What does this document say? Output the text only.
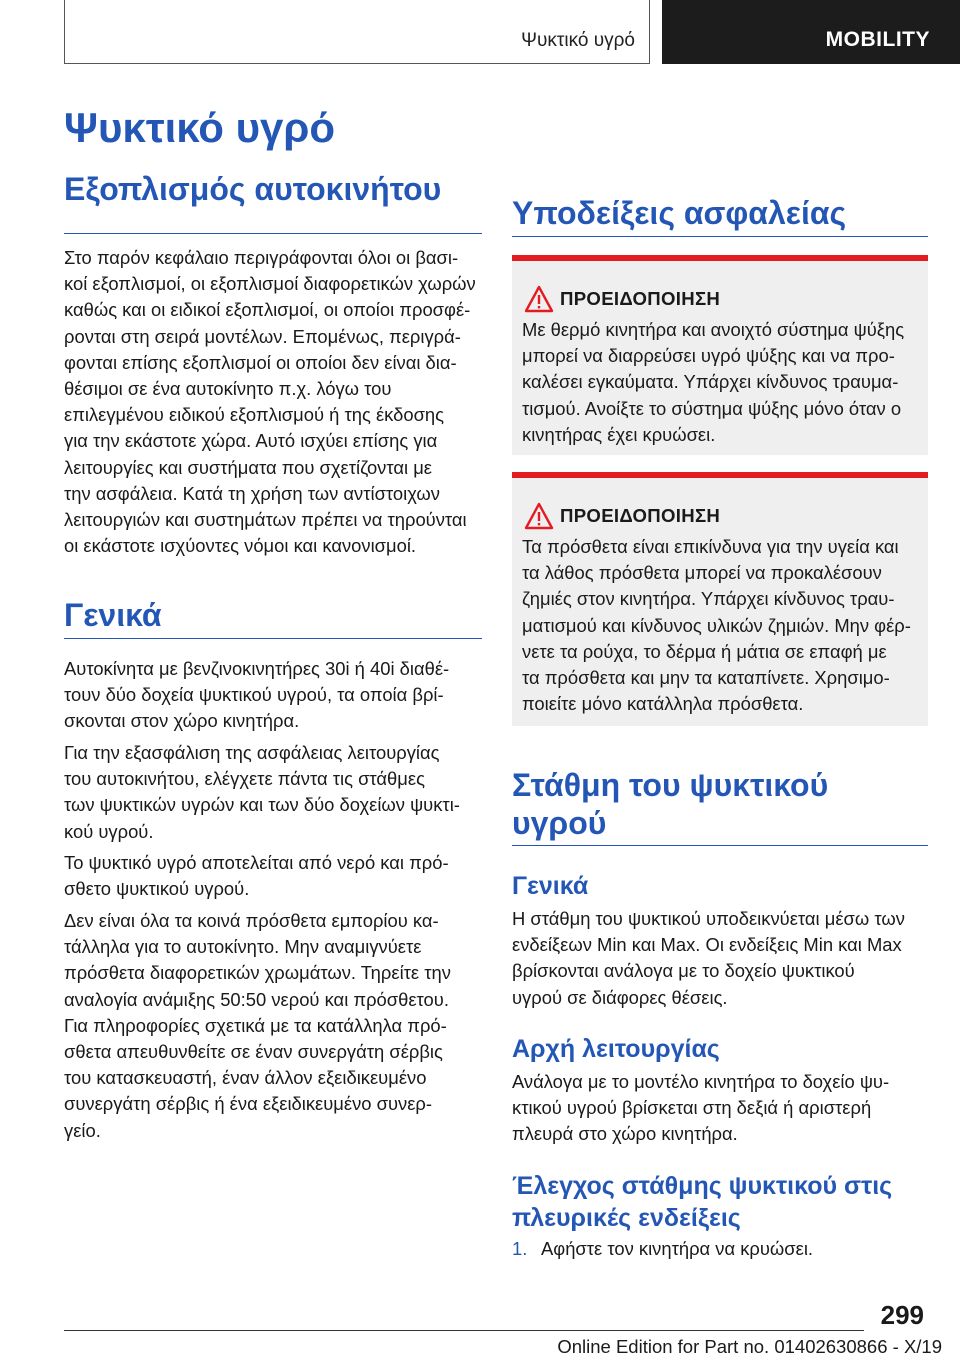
Ψυκτικό υγρό	MOBILITY
Ψυκτικό υγρό
Εξοπλισμός αυτοκινήτου

Στο παρόν κεφάλαιο περιγράφονται όλοι οι βασι-
κοί εξοπλισμοί, οι εξοπλισμοί διαφορετικών χωρών
καθώς και οι ειδικοί εξοπλισμοί, οι οποίοι προσφέ-
ρονται στη σειρά μοντέλων. Επομένως, περιγρά-
φονται επίσης εξοπλισμοί οι οποίοι δεν είναι δια-
θέσιμοι σε ένα αυτοκίνητο π.χ. λόγω του
επιλεγμένου ειδικού εξοπλισμού ή της έκδοσης
για την εκάστοτε χώρα. Αυτό ισχύει επίσης για
λειτουργίες και συστήματα που σχετίζονται με
την ασφάλεια. Κατά τη χρήση των αντίστοιχων
λειτουργιών και συστημάτων πρέπει να τηρούνται
οι εκάστοτε ισχύοντες νόμοι και κανονισμοί.

Γενικά

Αυτοκίνητα με βενζινοκινητήρες 30i ή 40i διαθέ-
τουν δύο δοχεία ψυκτικού υγρού, τα οποία βρί-
σκονται στον χώρο κινητήρα.

Για την εξασφάλιση της ασφάλειας λειτουργίας
του αυτοκινήτου, ελέγχετε πάντα τις στάθμες
των ψυκτικών υγρών και των δύο δοχείων ψυκτι-
κού υγρού.

Το ψυκτικό υγρό αποτελείται από νερό και πρό-
σθετο ψυκτικού υγρού.

Δεν είναι όλα τα κοινά πρόσθετα εμπορίου κα-
τάλληλα για το αυτοκίνητο. Μην αναμιγνύετε
πρόσθετα διαφορετικών χρωμάτων. Τηρείτε την
αναλογία ανάμιξης 50:50 νερού και πρόσθετου.
Για πληροφορίες σχετικά με τα κατάλληλα πρό-
σθετα απευθυνθείτε σε έναν συνεργάτη σέρβις
του κατασκευαστή, έναν άλλον εξειδικευμένο
συνεργάτη σέρβις ή ένα εξειδικευμένο συνερ-
γείο.

Υποδείξεις ασφαλείας
ΠΡΟΕΙΔΟΠΟΙΗΣΗ

Με θερμό κινητήρα και ανοιχτό σύστημα ψύξης
μπορεί να διαρρεύσει υγρό ψύξης και να προ-
καλέσει εγκαύματα. Υπάρχει κίνδυνος τραυμα-
τισμού. Ανοίξτε το σύστημα ψύξης μόνο όταν ο
κινητήρας έχει κρυώσει.

ΠΡΟΕΙΔΟΠΟΙΗΣΗ

Τα πρόσθετα είναι επικίνδυνα για την υγεία και
τα λάθος πρόσθετα μπορεί να προκαλέσουν
ζημιές στον κινητήρα. Υπάρχει κίνδυνος τραυ-
ματισμού και κίνδυνος υλικών ζημιών. Μην φέρ-
νετε τα ρούχα, το δέρμα ή μάτια σε επαφή με
τα πρόσθετα και μην τα καταπίνετε. Χρησιμο-
ποιείτε μόνο κατάλληλα πρόσθετα.

Στάθμη του ψυκτικού
υγρού
Γενικά

Η στάθμη του ψυκτικού υποδεικνύεται μέσω των
ενδείξεων Min και Max. Οι ενδείξεις Min και Max
βρίσκονται ανάλογα με το δοχείο ψυκτικού
υγρού σε διάφορες θέσεις.

Αρχή λειτουργίας

Ανάλογα με το μοντέλο κινητήρα το δοχείο ψυ-
κτικού υγρού βρίσκεται στη δεξιά ή αριστερή
πλευρά στο χώρο κινητήρα.

Έλεγχος στάθμης ψυκτικού στις
πλευρικές ενδείξεις
1. Αφήστε τον κινητήρα να κρυώσει.
299
Online Edition for Part no. 01402630866 - X/19
